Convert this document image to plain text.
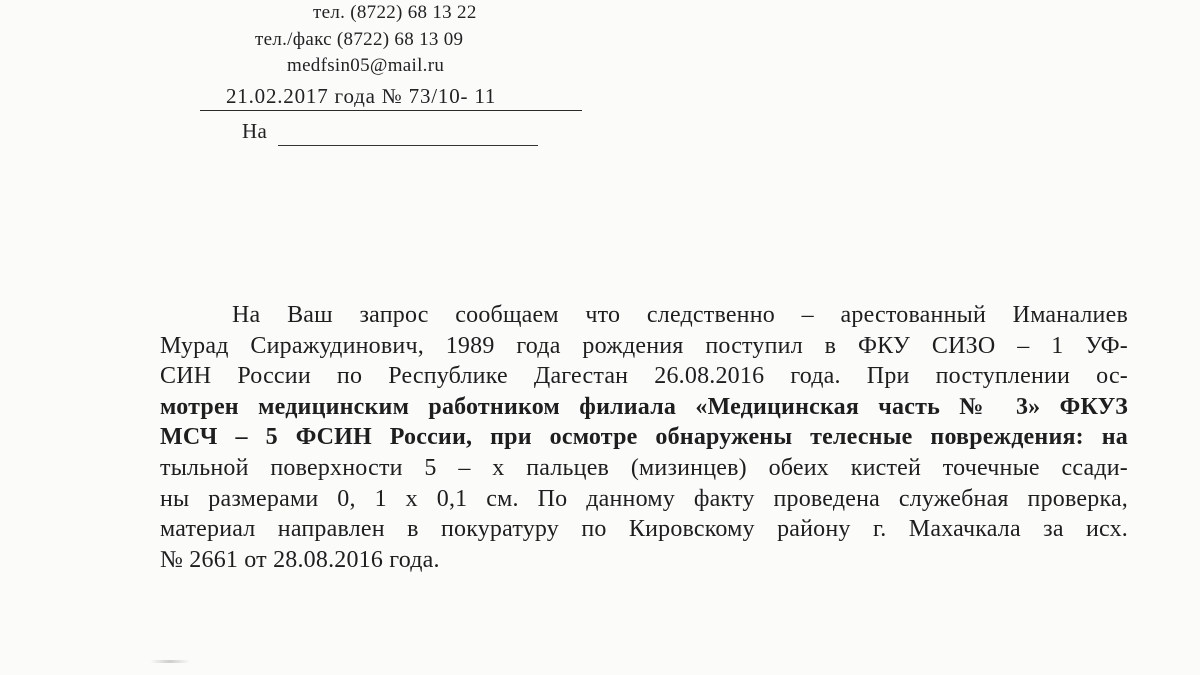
тел. (8722) 68 13 22
тел./факс (8722) 68 13 09
medfsin05@mail.ru
21.02.2017 года № 73/10- 11
На
На Ваш запрос сообщаем что следственно – арестованный Иманалиев
Мурад Сиражудинович, 1989 года рождения поступил в ФКУ СИЗО – 1 УФ-
СИН России по Республике Дагестан 26.08.2016 года. При поступлении ос-
мотрен медицинским работником филиала «Медицинская часть № 3» ФКУЗ
МСЧ – 5 ФСИН России, при осмотре обнаружены телесные повреждения: на
тыльной поверхности 5 – х пальцев (мизинцев) обеих кистей точечные ссади-
ны размерами 0, 1 х 0,1 см. По данному факту проведена служебная проверка,
материал направлен в покуратуру по Кировскому району г. Махачкала за исх.
№ 2661 от 28.08.2016 года.
